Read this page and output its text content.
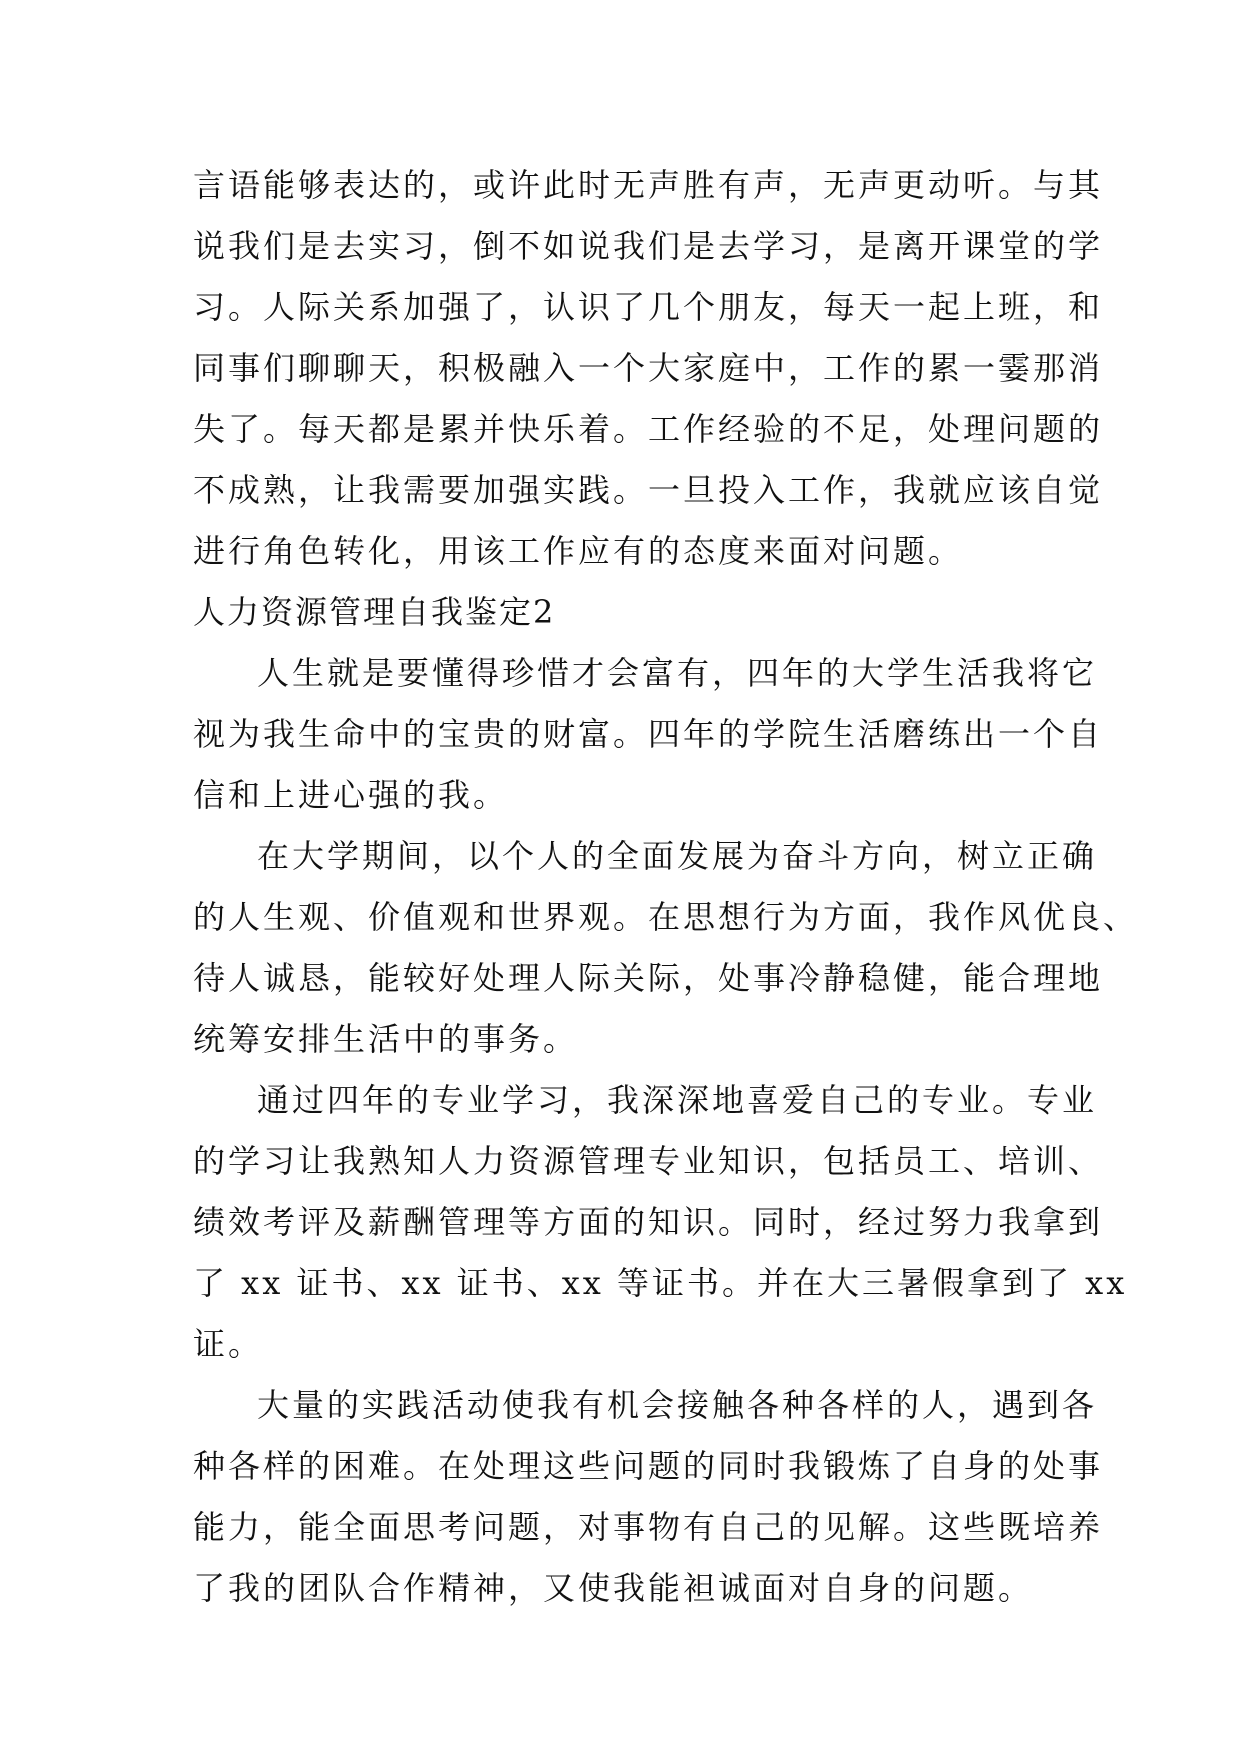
言语能够表达的，或许此时无声胜有声，无声更动听。与其
说我们是去实习，倒不如说我们是去学习，是离开课堂的学
习。人际关系加强了，认识了几个朋友，每天一起上班，和
同事们聊聊天，积极融入一个大家庭中，工作的累一霎那消
失了。每天都是累并快乐着。工作经验的不足，处理问题的
不成熟，让我需要加强实践。一旦投入工作，我就应该自觉
进行角色转化，用该工作应有的态度来面对问题。
人力资源管理自我鉴定2
人生就是要懂得珍惜才会富有，四年的大学生活我将它
视为我生命中的宝贵的财富。四年的学院生活磨练出一个自
信和上进心强的我。
在大学期间，以个人的全面发展为奋斗方向，树立正确
的人生观、价值观和世界观。在思想行为方面，我作风优良、
待人诚恳，能较好处理人际关际，处事冷静稳健，能合理地
统筹安排生活中的事务。
通过四年的专业学习，我深深地喜爱自己的专业。专业
的学习让我熟知人力资源管理专业知识，包括员工、培训、
绩效考评及薪酬管理等方面的知识。同时，经过努力我拿到
了 xx 证书、xx 证书、xx 等证书。并在大三暑假拿到了 xx
证。
大量的实践活动使我有机会接触各种各样的人，遇到各
种各样的困难。在处理这些问题的同时我锻炼了自身的处事
能力，能全面思考问题，对事物有自己的见解。这些既培养
了我的团队合作精神，又使我能袒诚面对自身的问题。
